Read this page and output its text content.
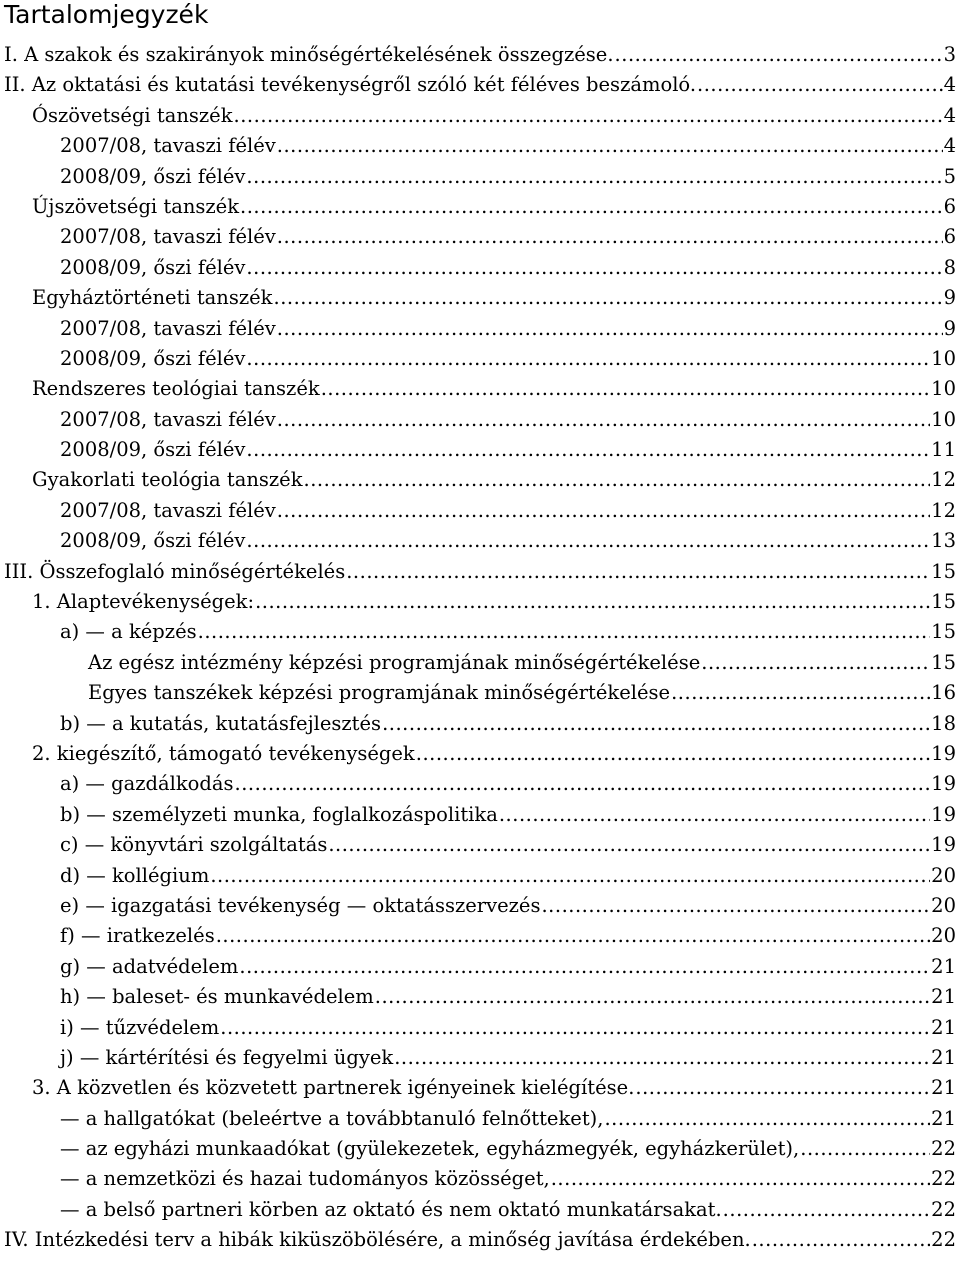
Tartalomjegyzék
I. A szakok és szakirányok minőségértékelésének összegzése. .....	3
II. Az oktatási és kutatási tevékenységről szóló két féléves beszámoló. .....	4
Ószövetségi tanszék .....	4
2007/08, tavaszi félév .....	4
2008/09, őszi félév .....	5
Újszövetségi tanszék .....	6
2007/08, tavaszi félév .....	6
2008/09, őszi félév .....	8
Egyháztörténeti tanszék .....	9
2007/08, tavaszi félév .....	9
2008/09, őszi félév .....	10
Rendszeres teológiai tanszék .....	10
2007/08, tavaszi félév .....	10
2008/09, őszi félév .....	11
Gyakorlati teológia tanszék .....	12
2007/08, tavaszi félév .....	12
2008/09, őszi félév .....	13
III. Összefoglaló minőségértékelés .....	15
1. Alaptevékenységek: .....	15
a) — a képzés .....	15
Az egész intézmény képzési programjának minőségértékelése .....	15
Egyes tanszékek képzési programjának minőségértékelése .....	16
b) — a kutatás, kutatásfejlesztés .....	18
2. kiegészítő, támogató tevékenységek .....	19
a) — gazdálkodás .....	19
b) — személyzeti munka, foglalkozáspolitika .....	19
c) — könyvtári szolgáltatás .....	19
d) — kollégium .....	20
e) — igazgatási tevékenység — oktatásszervezés .....	20
f) — iratkezelés .....	20
g) — adatvédelem .....	21
h) — baleset- és munkavédelem .....	21
i) — tűzvédelem .....	21
j) — kártérítési és fegyelmi ügyek .....	21
3. A közvetlen és közvetett partnerek igényeinek kielégítése. .....	21
— a hallgatókat (beleértve a továbbtanuló felnőtteket), .....	21
— az egyházi munkaadókat (gyülekezetek, egyházmegyék, egyházkerület), .....	22
— a nemzetközi és hazai tudományos közösséget, .....	22
— a belső partneri körben az oktató és nem oktató munkatársakat. .....	22
IV. Intézkedési terv a hibák kiküszöbölésére, a minőség javítása érdekében. .....	22
